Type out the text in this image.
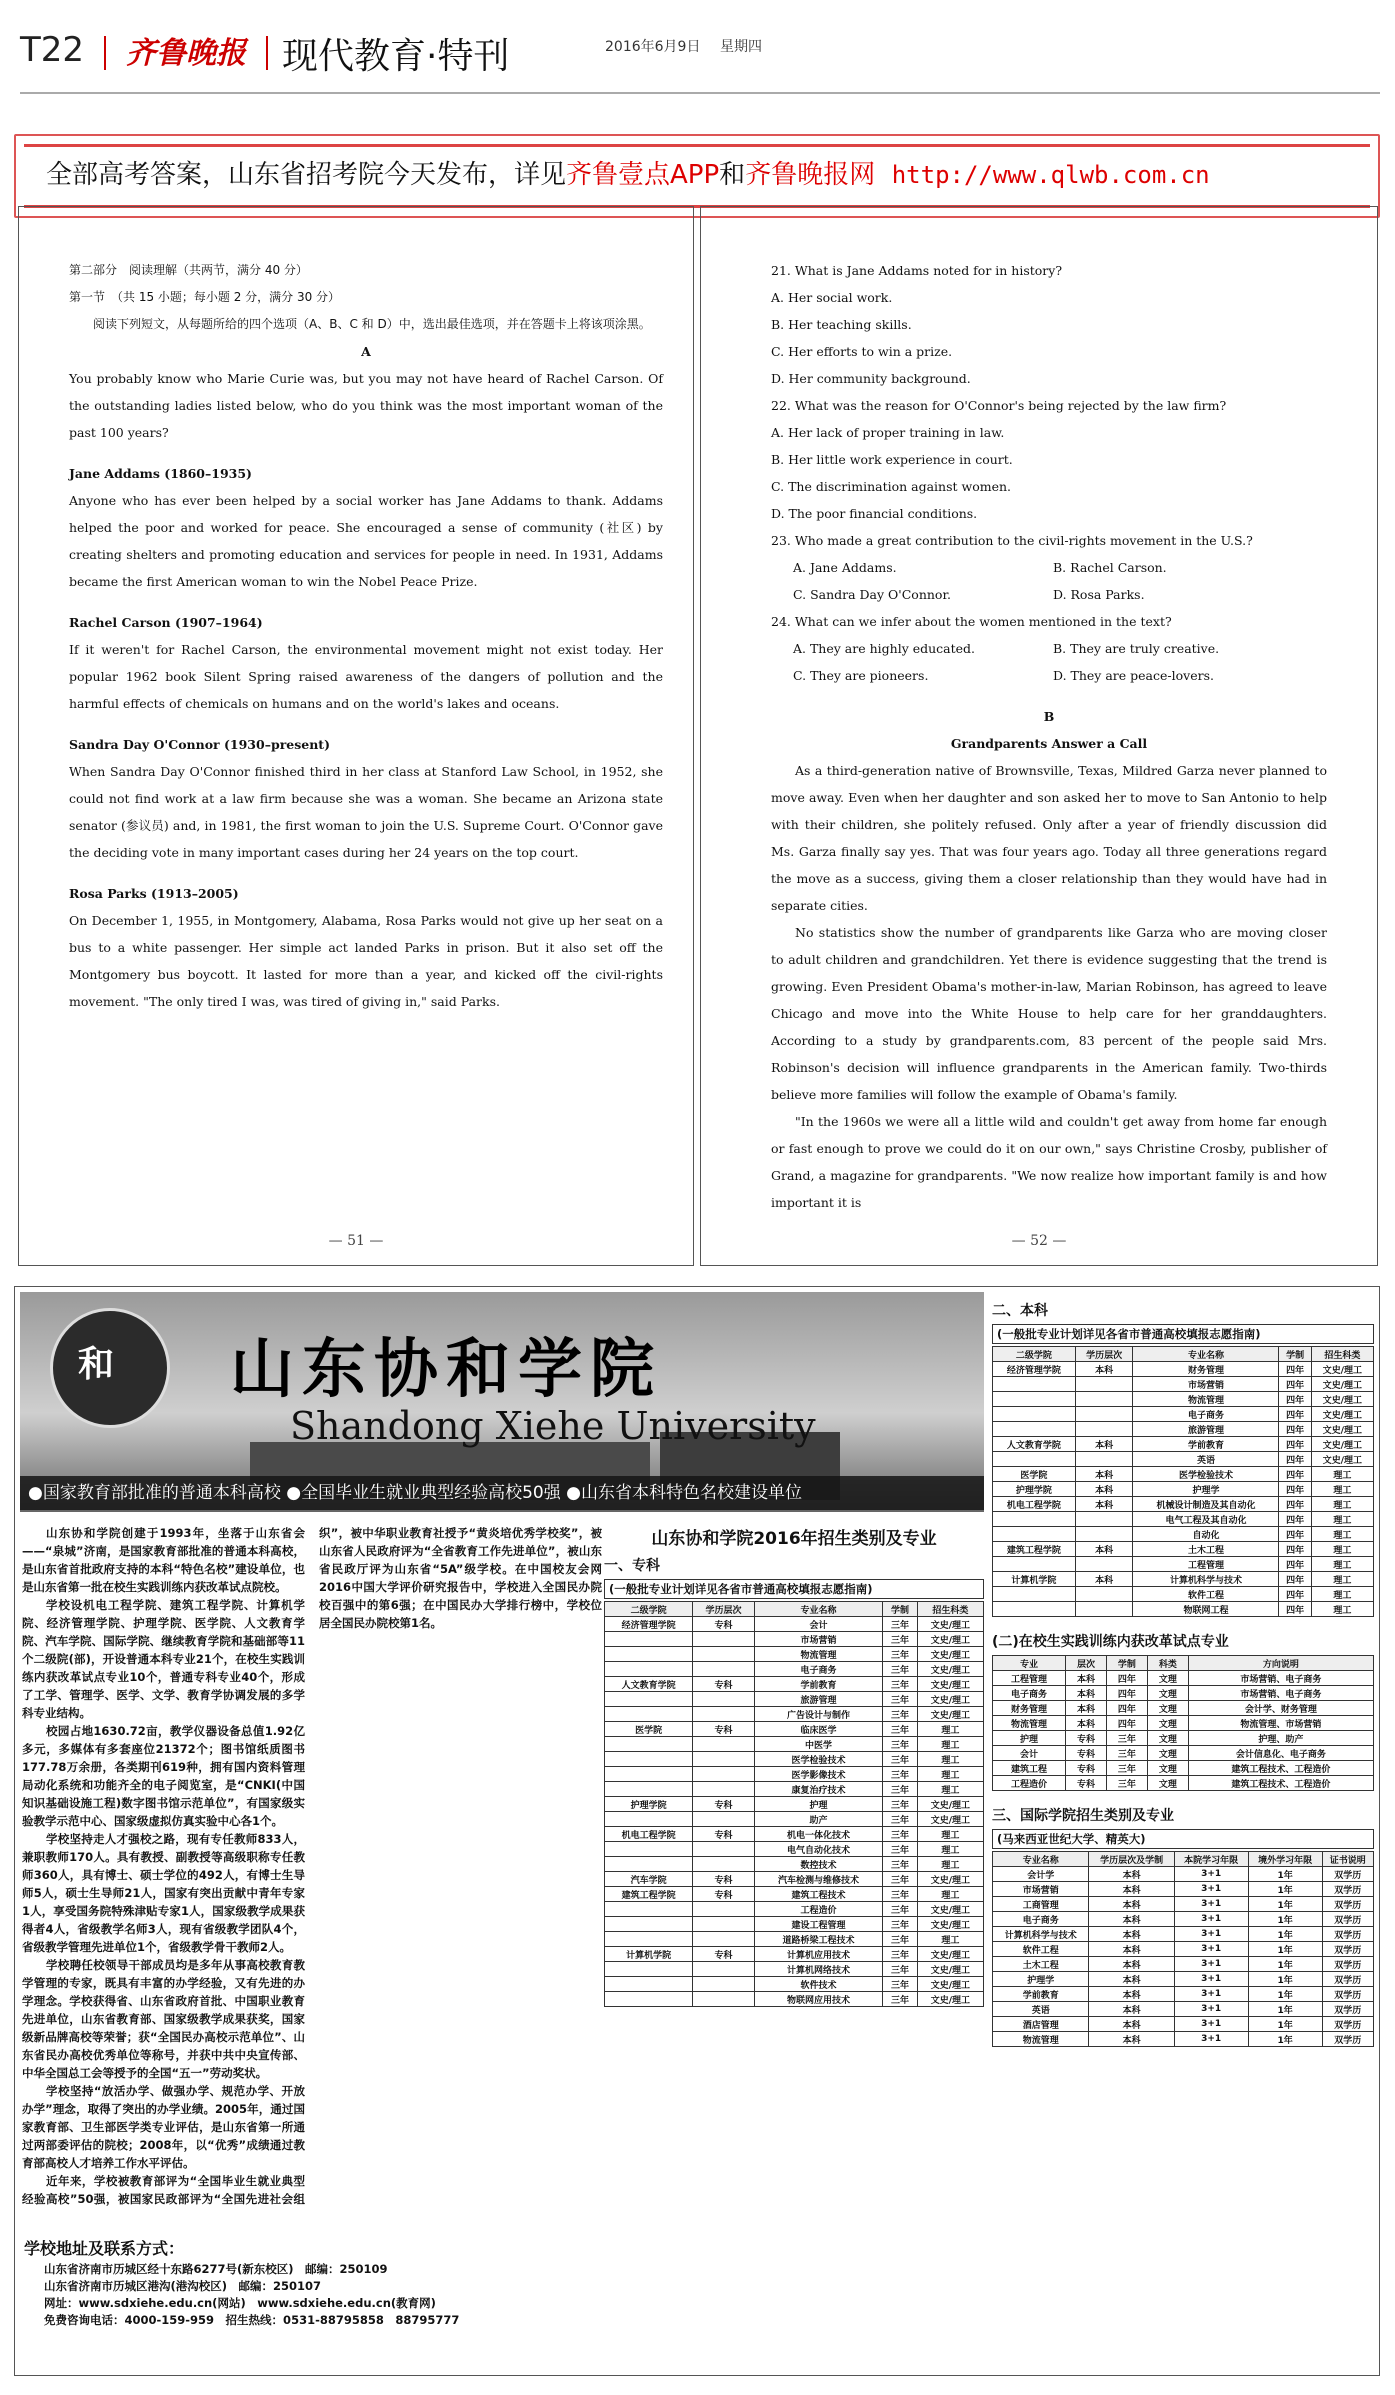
T22 齐鲁晚报 现代教育·特刊	2016年6月9日 星期四
全部高考答案，山东省招考院今天发布，详见齐鲁壹点APP和齐鲁晚报网 http://www.qlwb.com.cn

第二部分　阅读理解（共两节，满分 40 分）

第一节　（共 15 小题；每小题 2 分，满分 30 分）

阅读下列短文，从每题所给的四个选项（A、B、C 和 D）中，选出最佳选项，并在答题卡上将该项涂黑。

A

You probably know who Marie Curie was, but you may not have heard of Rachel Carson. Of the outstanding ladies listed below, who do you think was the most important woman of the past 100 years?

Jane Addams (1860–1935)

Anyone who has ever been helped by a social worker has Jane Addams to thank. Addams helped the poor and worked for peace. She encouraged a sense of community (社区) by creating shelters and promoting education and services for people in need. In 1931, Addams became the first American woman to win the Nobel Peace Prize.

Rachel Carson (1907–1964)

If it weren't for Rachel Carson, the environmental movement might not exist today. Her popular 1962 book Silent Spring raised awareness of the dangers of pollution and the harmful effects of chemicals on humans and on the world's lakes and oceans.

Sandra Day O'Connor (1930–present)

When Sandra Day O'Connor finished third in her class at Stanford Law School, in 1952, she could not find work at a law firm because she was a woman. She became an Arizona state senator (参议员) and, in 1981, the first woman to join the U.S. Supreme Court. O'Connor gave the deciding vote in many important cases during her 24 years on the top court.

Rosa Parks (1913–2005)

On December 1, 1955, in Montgomery, Alabama, Rosa Parks would not give up her seat on a bus to a white passenger. Her simple act landed Parks in prison. But it also set off the Montgomery bus boycott. It lasted for more than a year, and kicked off the civil-rights movement. "The only tired I was, was tired of giving in," said Parks.

— 51 —

21. What is Jane Addams noted for in history?

A. Her social work.

B. Her teaching skills.

C. Her efforts to win a prize.

D. Her community background.

22. What was the reason for O'Connor's being rejected by the law firm?

A. Her lack of proper training in law.

B. Her little work experience in court.

C. The discrimination against women.

D. The poor financial conditions.

23. Who made a great contribution to the civil-rights movement in the U.S.?

A. Jane Addams.	B. Rachel Carson.
C. Sandra Day O'Connor.	D. Rosa Parks.

24. What can we infer about the women mentioned in the text?

A. They are highly educated.	B. They are truly creative.
C. They are pioneers.	D. They are peace-lovers.

B

Grandparents Answer a Call

As a third-generation native of Brownsville, Texas, Mildred Garza never planned to move away. Even when her daughter and son asked her to move to San Antonio to help with their children, she politely refused. Only after a year of friendly discussion did Ms. Garza finally say yes. That was four years ago. Today all three generations regard the move as a success, giving them a closer relationship than they would have had in separate cities.

No statistics show the number of grandparents like Garza who are moving closer to adult children and grandchildren. Yet there is evidence suggesting that the trend is growing. Even President Obama's mother-in-law, Marian Robinson, has agreed to leave Chicago and move into the White House to help care for her granddaughters. According to a study by grandparents.com, 83 percent of the people said Mrs. Robinson's decision will influence grandparents in the American family. Two-thirds believe more families will follow the example of Obama's family.

"In the 1960s we were all a little wild and couldn't get away from home far enough or fast enough to prove we could do it on our own," says Christine Crosby, publisher of Grand, a magazine for grandparents. "We now realize how important family is and how important it is

— 52 —
和 山东协和学院
Shandong Xiehe University
●国家教育部批准的普通本科高校 ●全国毕业生就业典型经验高校50强 ●山东省本科特色名校建设单位

山东协和学院创建于1993年，坐落于山东省会——“泉城”济南，是国家教育部批准的普通本科高校，是山东省首批政府支持的本科“特色名校”建设单位，也是山东省第一批在校生实践训练内获改革试点院校。

学校设机电工程学院、建筑工程学院、计算机学院、经济管理学院、护理学院、医学院、人文教育学院、汽车学院、国际学院、继续教育学院和基础部等11个二级院(部)，开设普通本科专业21个，在校生实践训练内获改革试点专业10个，普通专科专业40个，形成了工学、管理学、医学、文学、教育学协调发展的多学科专业结构。

校园占地1630.72亩，教学仪器设备总值1.92亿多元，多媒体有多套座位21372个；图书馆纸质图书177.78万余册，各类期刊619种，拥有国内资料管理局动化系统和功能齐全的电子阅览室，是“CNKI(中国知识基础设施工程)数字图书馆示范单位”，有国家级实验教学示范中心、国家级虚拟仿真实验中心各1个。

学校坚持走人才强校之路，现有专任教师833人，兼职教师170人。具有教授、副教授等高级职称专任教师360人，具有博士、硕士学位的492人，有博士生导师5人，硕士生导师21人，国家有突出贡献中青年专家1人，享受国务院特殊津贴专家1人，国家级教学成果获得者4人，省级教学名师3人，现有省级教学团队4个，省级教学管理先进单位1个，省级教学骨干教师2人。

学校聘任校领导干部成员均是多年从事高校教育教学管理的专家，既具有丰富的办学经验，又有先进的办学理念。学校获得省、山东省政府首批、中国职业教育先进单位，山东省教育部、国家级教学成果获奖，国家级新品牌高校等荣誉；获“全国民办高校示范单位”、山东省民办高校优秀单位等称号，并获中共中央宣传部、中华全国总工会等授予的全国“五一”劳动奖状。

学校坚持“放活办学、做强办学、规范办学、开放办学”理念，取得了突出的办学业绩。2005年，通过国家教育部、卫生部医学类专业评估，是山东省第一所通过两部委评估的院校；2008年，以“优秀”成绩通过教育部高校人才培养工作水平评估。

近年来，学校被教育部评为“全国毕业生就业典型经验高校”50强，被国家民政部评为“全国先进社会组织”，被中华职业教育社授予“黄炎培优秀学校奖”，被山东省人民政府评为“全省教育工作先进单位”，被山东省民政厅评为山东省“5A”级学校。在中国校友会网2016中国大学评价研究报告中，学校进入全国民办院校百强中的第6强；在中国民办大学排行榜中，学校位居全国民办院校第1名。

学校地址及联系方式：
山东省济南市历城区经十东路6277号(新东校区)　邮编：250109
山东省济南市历城区港沟(港沟校区)　邮编：250107
网址：www.sdxiehe.edu.cn(网站)　www.sdxiehe.edu.cn(教育网)
免费咨询电话：4000-159-959　招生热线：0531-88795858　88795777
山东协和学院2016年招生类别及专业
一、专科
(一般批专业计划详见各省市普通高校填报志愿指南)
二级学院	学历层次	专业名称	学制	招生科类
经济管理学院	专科	会计	三年	文史/理工
		市场营销	三年	文史/理工
		物流管理	三年	文史/理工
		电子商务	三年	文史/理工
人文教育学院	专科	学前教育	三年	文史/理工
		旅游管理	三年	文史/理工
		广告设计与制作	三年	文史/理工
医学院	专科	临床医学	三年	理工
		中医学	三年	理工
		医学检验技术	三年	理工
		医学影像技术	三年	理工
		康复治疗技术	三年	理工
护理学院	专科	护理	三年	文史/理工
		助产	三年	文史/理工
机电工程学院	专科	机电一体化技术	三年	理工
		电气自动化技术	三年	理工
		数控技术	三年	理工
汽车学院	专科	汽车检测与维修技术	三年	文史/理工
建筑工程学院	专科	建筑工程技术	三年	理工
		工程造价	三年	文史/理工
		建设工程管理	三年	文史/理工
		道路桥梁工程技术	三年	理工
计算机学院	专科	计算机应用技术	三年	文史/理工
		计算机网络技术	三年	文史/理工
		软件技术	三年	文史/理工
		物联网应用技术	三年	文史/理工
二、本科
(一般批专业计划详见各省市普通高校填报志愿指南)
二级学院	学历层次	专业名称	学制	招生科类
经济管理学院	本科	财务管理	四年	文史/理工
		市场营销	四年	文史/理工
		物流管理	四年	文史/理工
		电子商务	四年	文史/理工
		旅游管理	四年	文史/理工
人文教育学院	本科	学前教育	四年	文史/理工
		英语	四年	文史/理工
医学院	本科	医学检验技术	四年	理工
护理学院	本科	护理学	四年	理工
机电工程学院	本科	机械设计制造及其自动化	四年	理工
		电气工程及其自动化	四年	理工
		自动化	四年	理工
建筑工程学院	本科	土木工程	四年	理工
		工程管理	四年	理工
计算机学院	本科	计算机科学与技术	四年	理工
		软件工程	四年	理工
		物联网工程	四年	理工
(二)在校生实践训练内获改革试点专业
专业	层次	学制	科类	方向说明
工程管理	本科	四年	文理	市场营销、电子商务
电子商务	本科	四年	文理	市场营销、电子商务
财务管理	本科	四年	文理	会计学、财务管理
物流管理	本科	四年	文理	物流管理、市场营销
护理	专科	三年	文理	护理、助产
会计	专科	三年	文理	会计信息化、电子商务
建筑工程	专科	三年	文理	建筑工程技术、工程造价
工程造价	专科	三年	文理	建筑工程技术、工程造价
三、国际学院招生类别及专业
(马来西亚世纪大学、精英大)
专业名称	学历层次及学制	本院学习年限	境外学习年限	证书说明
会计学	本科	3+1	1年	双学历
市场营销	本科	3+1	1年	双学历
工商管理	本科	3+1	1年	双学历
电子商务	本科	3+1	1年	双学历
计算机科学与技术	本科	3+1	1年	双学历
软件工程	本科	3+1	1年	双学历
土木工程	本科	3+1	1年	双学历
护理学	本科	3+1	1年	双学历
学前教育	本科	3+1	1年	双学历
英语	本科	3+1	1年	双学历
酒店管理	本科	3+1	1年	双学历
物流管理	本科	3+1	1年	双学历
